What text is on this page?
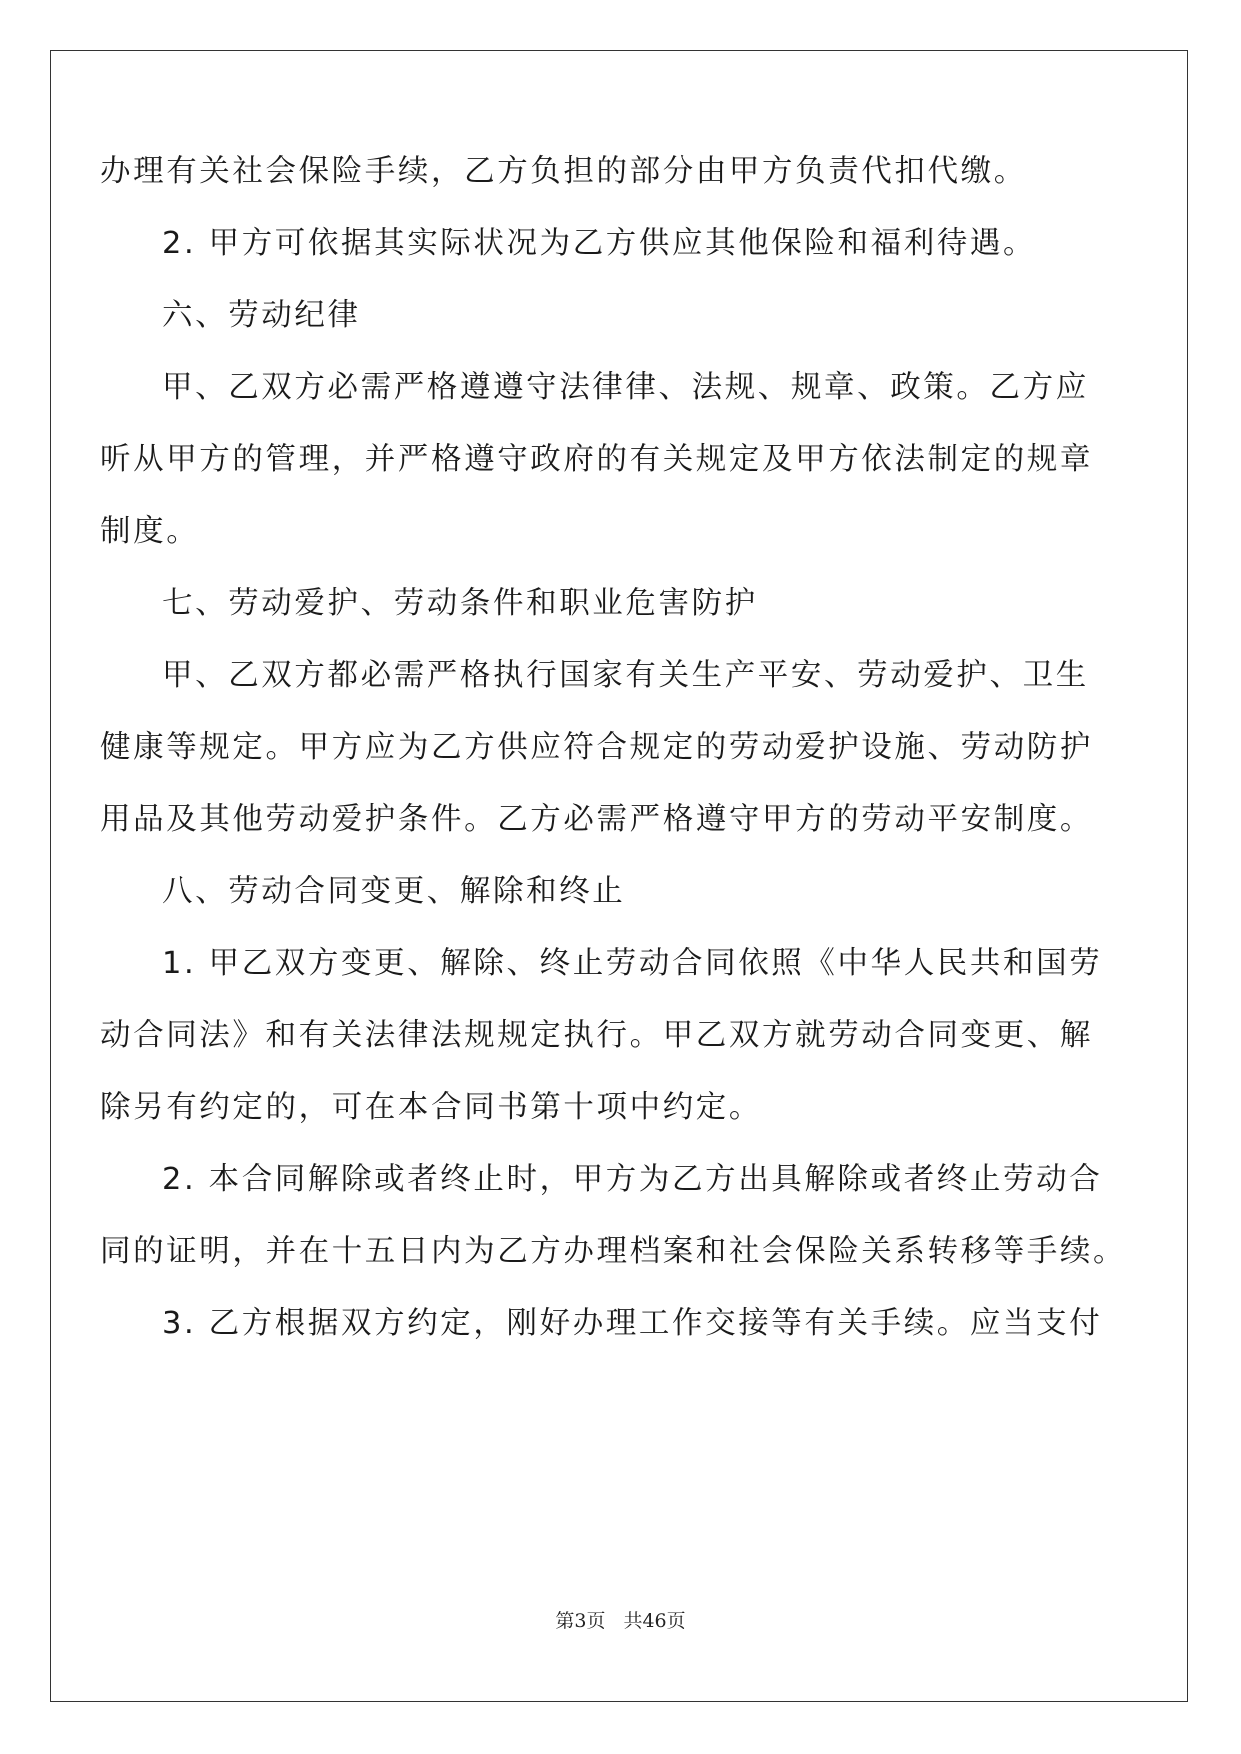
办理有关社会保险手续，乙方负担的部分由甲方负责代扣代缴。
2. 甲方可依据其实际状况为乙方供应其他保险和福利待遇。
六、劳动纪律
甲、乙双方必需严格遵遵守法律律、法规、规章、政策。乙方应
听从甲方的管理，并严格遵守政府的有关规定及甲方依法制定的规章
制度。
七、劳动爱护、劳动条件和职业危害防护
甲、乙双方都必需严格执行国家有关生产平安、劳动爱护、卫生
健康等规定。甲方应为乙方供应符合规定的劳动爱护设施、劳动防护
用品及其他劳动爱护条件。乙方必需严格遵守甲方的劳动平安制度。
八、劳动合同变更、解除和终止
1. 甲乙双方变更、解除、终止劳动合同依照《中华人民共和国劳
动合同法》和有关法律法规规定执行。甲乙双方就劳动合同变更、解
除另有约定的，可在本合同书第十项中约定。
2. 本合同解除或者终止时，甲方为乙方出具解除或者终止劳动合
同的证明，并在十五日内为乙方办理档案和社会保险关系转移等手续。
3. 乙方根据双方约定，刚好办理工作交接等有关手续。应当支付
第3页 共46页
